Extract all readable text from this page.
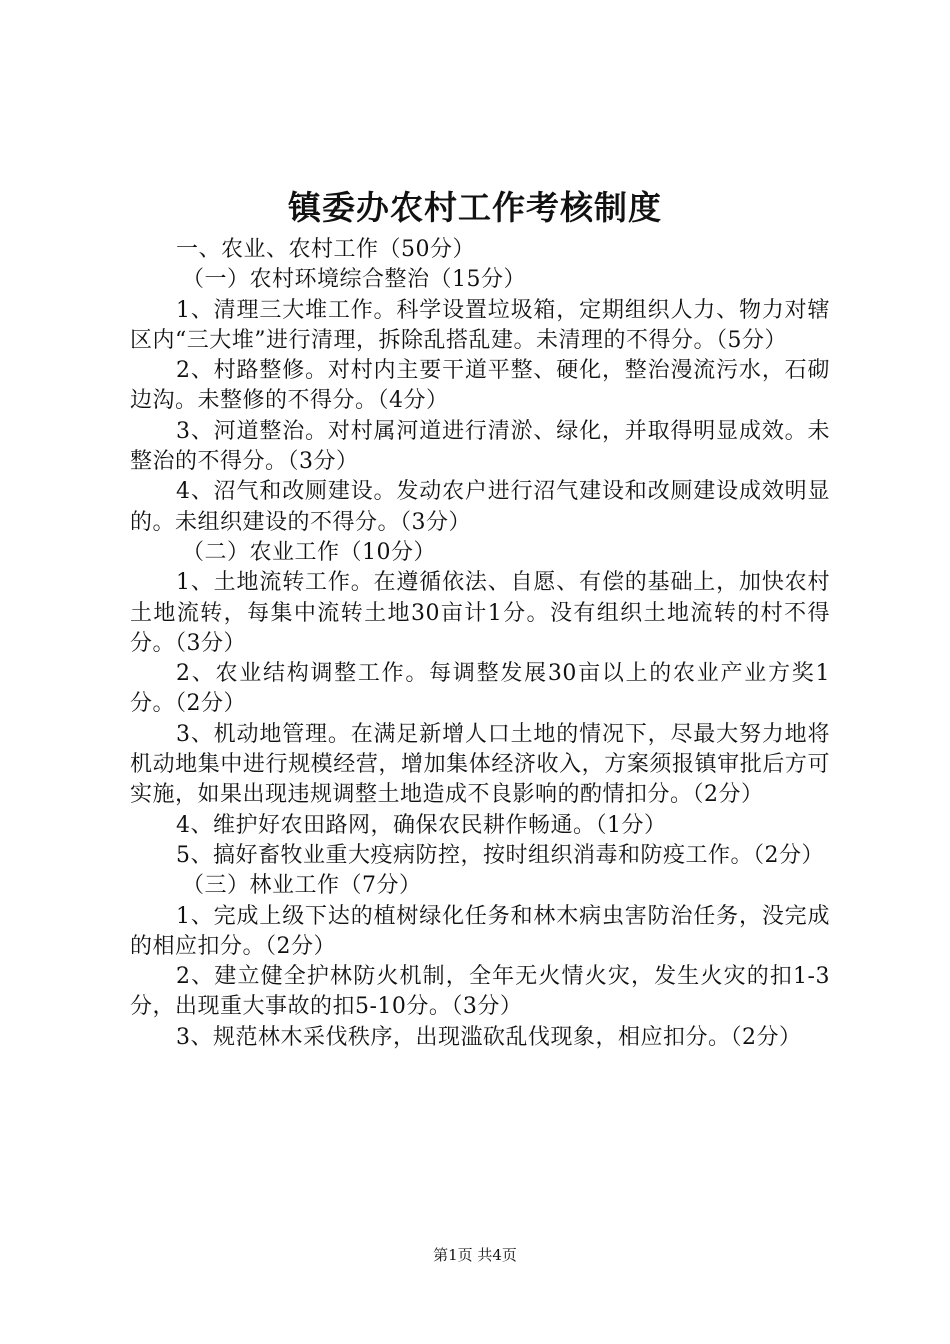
镇委办农村工作考核制度

一、农业、农村工作（50分）

（一）农村环境综合整治（15分）

1、清理三大堆工作。科学设置垃圾箱，定期组织人力、物力对辖区内“三大堆”进行清理，拆除乱搭乱建。未清理的不得分。（5分）

2、村路整修。对村内主要干道平整、硬化，整治漫流污水，石砌边沟。未整修的不得分。（4分）

3、河道整治。对村属河道进行清淤、绿化，并取得明显成效。未整治的不得分。（3分）

4、沼气和改厕建设。发动农户进行沼气建设和改厕建设成效明显的。未组织建设的不得分。（3分）

（二）农业工作（10分）

1、土地流转工作。在遵循依法、自愿、有偿的基础上，加快农村土地流转，每集中流转土地30亩计1分。没有组织土地流转的村不得分。（3分）

2、农业结构调整工作。每调整发展30亩以上的农业产业方奖1分。（2分）

3、机动地管理。在满足新增人口土地的情况下，尽最大努力地将机动地集中进行规模经营，增加集体经济收入，方案须报镇审批后方可实施，如果出现违规调整土地造成不良影响的酌情扣分。（2分）

4、维护好农田路网，确保农民耕作畅通。（1分）

5、搞好畜牧业重大疫病防控，按时组织消毒和防疫工作。（2分）

（三）林业工作（7分）

1、完成上级下达的植树绿化任务和林木病虫害防治任务，没完成的相应扣分。（2分）

2、建立健全护林防火机制，全年无火情火灾，发生火灾的扣1-3分，出现重大事故的扣5-10分。（3分）

3、规范林木采伐秩序，出现滥砍乱伐现象，相应扣分。（2分）

第1页 共4页
